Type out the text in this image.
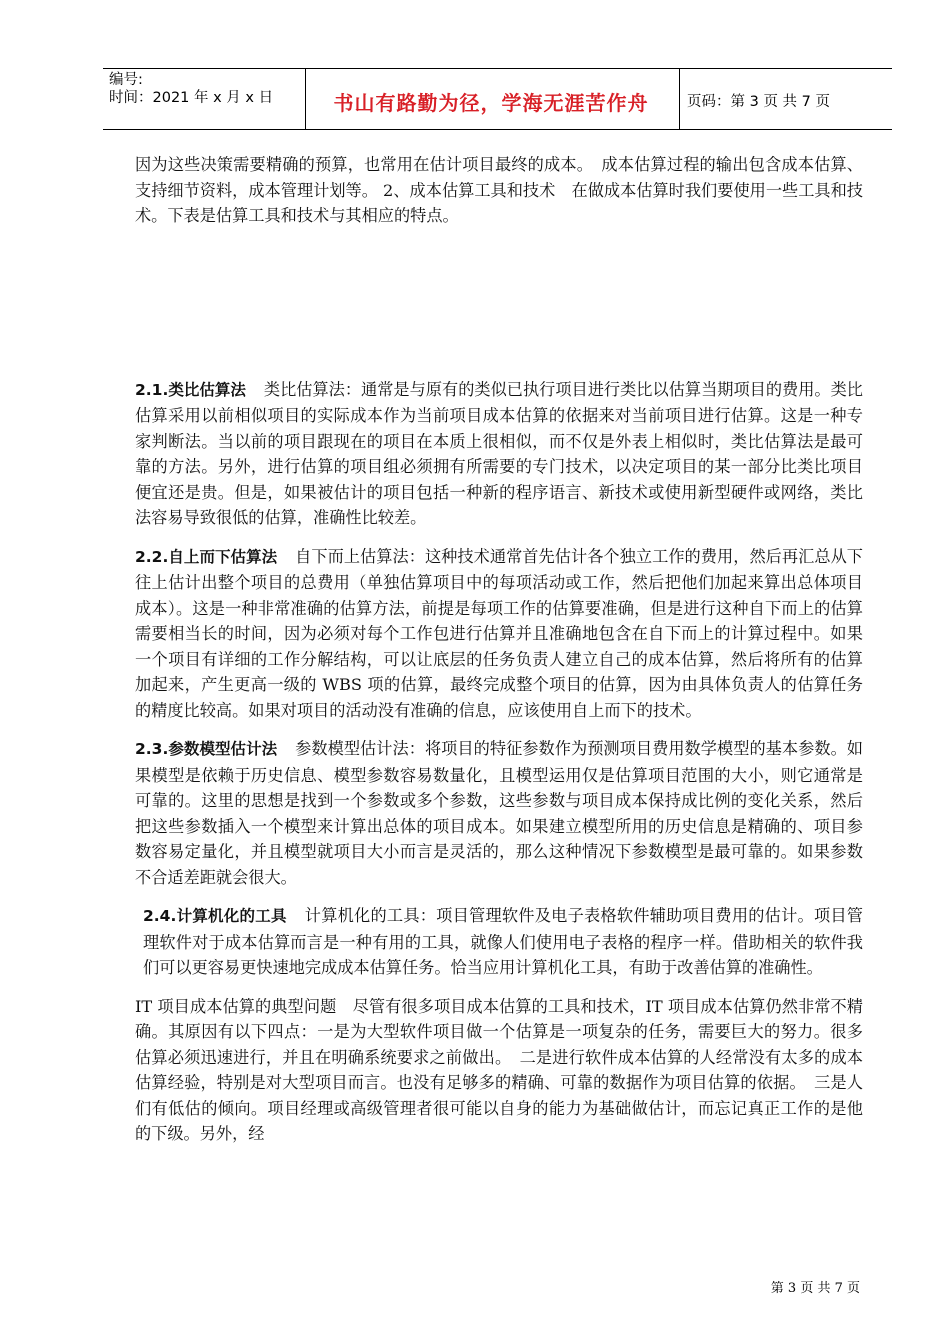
编号:
时间：2021 年 x 月 x 日	书山有路勤为径，学海无涯苦作舟	页码：第 3 页 共 7 页

因为这些决策需要精确的预算，也常用在估计项目最终的成本。　成本估算过程的输出包含成本估算、支持细节资料，成本管理计划等。 2、成本估算工具和技术　在做成本估算时我们要使用一些工具和技术。下表是估算工具和技术与其相应的特点。

2.1.类比估算法 类比估算法：通常是与原有的类似已执行项目进行类比以估算当期项目的费用。类比估算采用以前相似项目的实际成本作为当前项目成本估算的依据来对当前项目进行估算。这是一种专家判断法。当以前的项目跟现在的项目在本质上很相似，而不仅是外表上相似时，类比估算法是最可靠的方法。另外，进行估算的项目组必须拥有所需要的专门技术，以决定项目的某一部分比类比项目便宜还是贵。但是，如果被估计的项目包括一种新的程序语言、新技术或使用新型硬件或网络，类比法容易导致很低的估算，准确性比较差。

2.2.自上而下估算法 自下而上估算法：这种技术通常首先估计各个独立工作的费用，然后再汇总从下往上估计出整个项目的总费用（单独估算项目中的每项活动或工作，然后把他们加起来算出总体项目成本）。这是一种非常准确的估算方法，前提是每项工作的估算要准确，但是进行这种自下而上的估算需要相当长的时间，因为必须对每个工作包进行估算并且准确地包含在自下而上的计算过程中。如果一个项目有详细的工作分解结构，可以让底层的任务负责人建立自己的成本估算，然后将所有的估算加起来，产生更高一级的 WBS 项的估算，最终完成整个项目的估算，因为由具体负责人的估算任务的精度比较高。如果对项目的活动没有准确的信息，应该使用自上而下的技术。

2.3.参数模型估计法 参数模型估计法：将项目的特征参数作为预测项目费用数学模型的基本参数。如果模型是依赖于历史信息、模型参数容易数量化，且模型运用仅是估算项目范围的大小，则它通常是可靠的。这里的思想是找到一个参数或多个参数，这些参数与项目成本保持成比例的变化关系，然后把这些参数插入一个模型来计算出总体的项目成本。如果建立模型所用的历史信息是精确的、项目参数容易定量化，并且模型就项目大小而言是灵活的，那么这种情况下参数模型是最可靠的。如果参数不合适差距就会很大。

2.4.计算机化的工具 计算机化的工具：项目管理软件及电子表格软件辅助项目费用的估计。项目管理软件对于成本估算而言是一种有用的工具，就像人们使用电子表格的程序一样。借助相关的软件我们可以更容易更快速地完成成本估算任务。恰当应用计算机化工具，有助于改善估算的准确性。

IT 项目成本估算的典型问题　尽管有很多项目成本估算的工具和技术，IT 项目成本估算仍然非常不精确。其原因有以下四点：一是为大型软件项目做一个估算是一项复杂的任务，需要巨大的努力。很多估算必须迅速进行，并且在明确系统要求之前做出。　二是进行软件成本估算的人经常没有太多的成本估算经验，特别是对大型项目而言。也没有足够多的精确、可靠的数据作为项目估算的依据。　三是人们有低估的倾向。项目经理或高级管理者很可能以自身的能力为基础做估计，而忘记真正工作的是他的下级。另外，经

第 3 页 共 7 页
